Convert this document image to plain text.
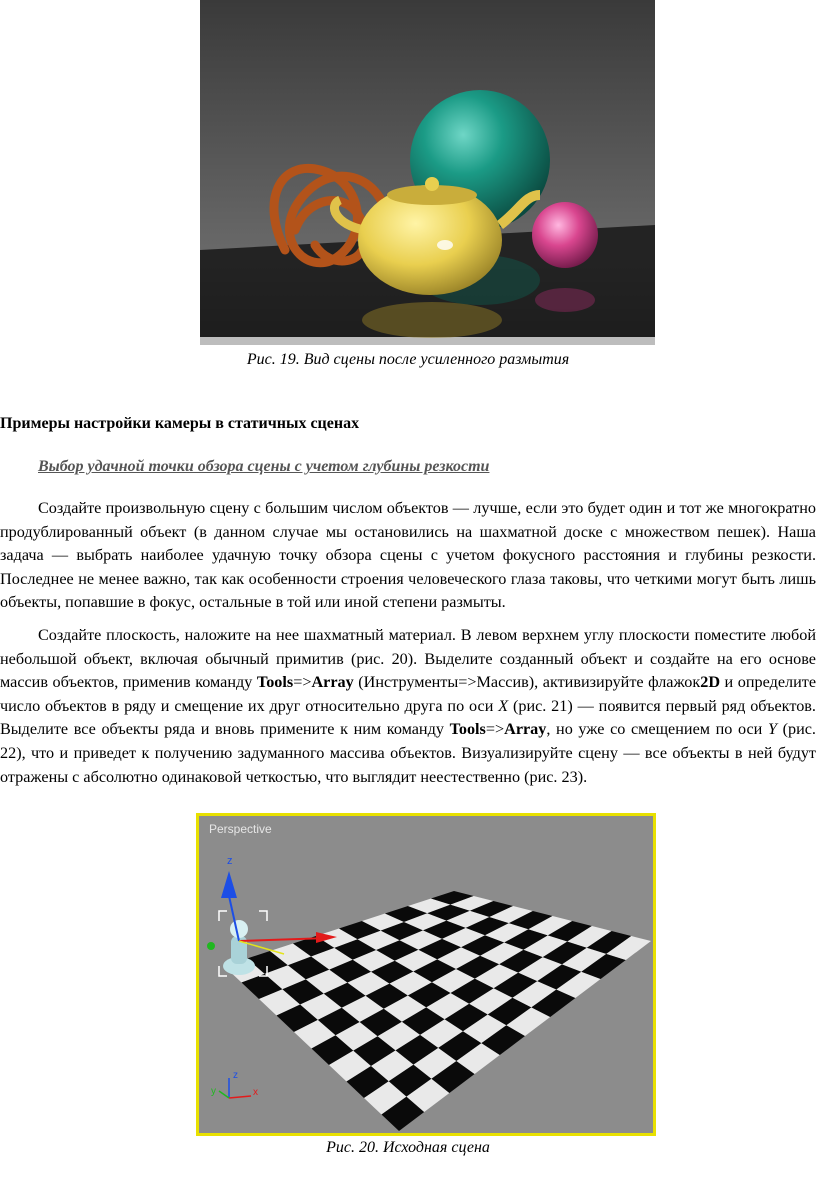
Рис. 19. Вид сцены после усиленного размытия
Примеры настройки камеры в статичных сценах
Выбор удачной точки обзора сцены с учетом глубины резкости
Создайте произвольную сцену с большим числом объектов — лучше, если это будет один и тот же многократно продублированный объект (в данном случае мы остановились на шахматной доске с множеством пешек). Наша задача — выбрать наиболее удачную точку обзора сцены с учетом фокусного расстояния и глубины резкости. Последнее не менее важно, так как особенности строения человеческого глаза таковы, что четкими могут быть лишь объекты, попавшие в фокус, остальные в той или иной степени размыты.
Создайте плоскость, наложите на нее шахматный материал. В левом верхнем углу плоскости поместите любой небольшой объект, включая обычный примитив (рис. 20). Выделите созданный объект и создайте на его основе массив объектов, применив команду Tools=>Array (Инструменты=>Массив), активизируйте флажок2D и определите число объектов в ряду и смещение их друг относительно друга по оси X (рис. 21) — появится первый ряд объектов. Выделите все объекты ряда и вновь примените к ним команду Tools=>Array, но уже со смещением по оси Y (рис. 22), что и приведет к получению задуманного массива объектов. Визуализируйте сцену — все объекты в ней будут отражены с абсолютно одинаковой четкостью, что выглядит неестественно (рис. 23).
Perspective
z
z
y	x
Рис. 20. Исходная сцена
